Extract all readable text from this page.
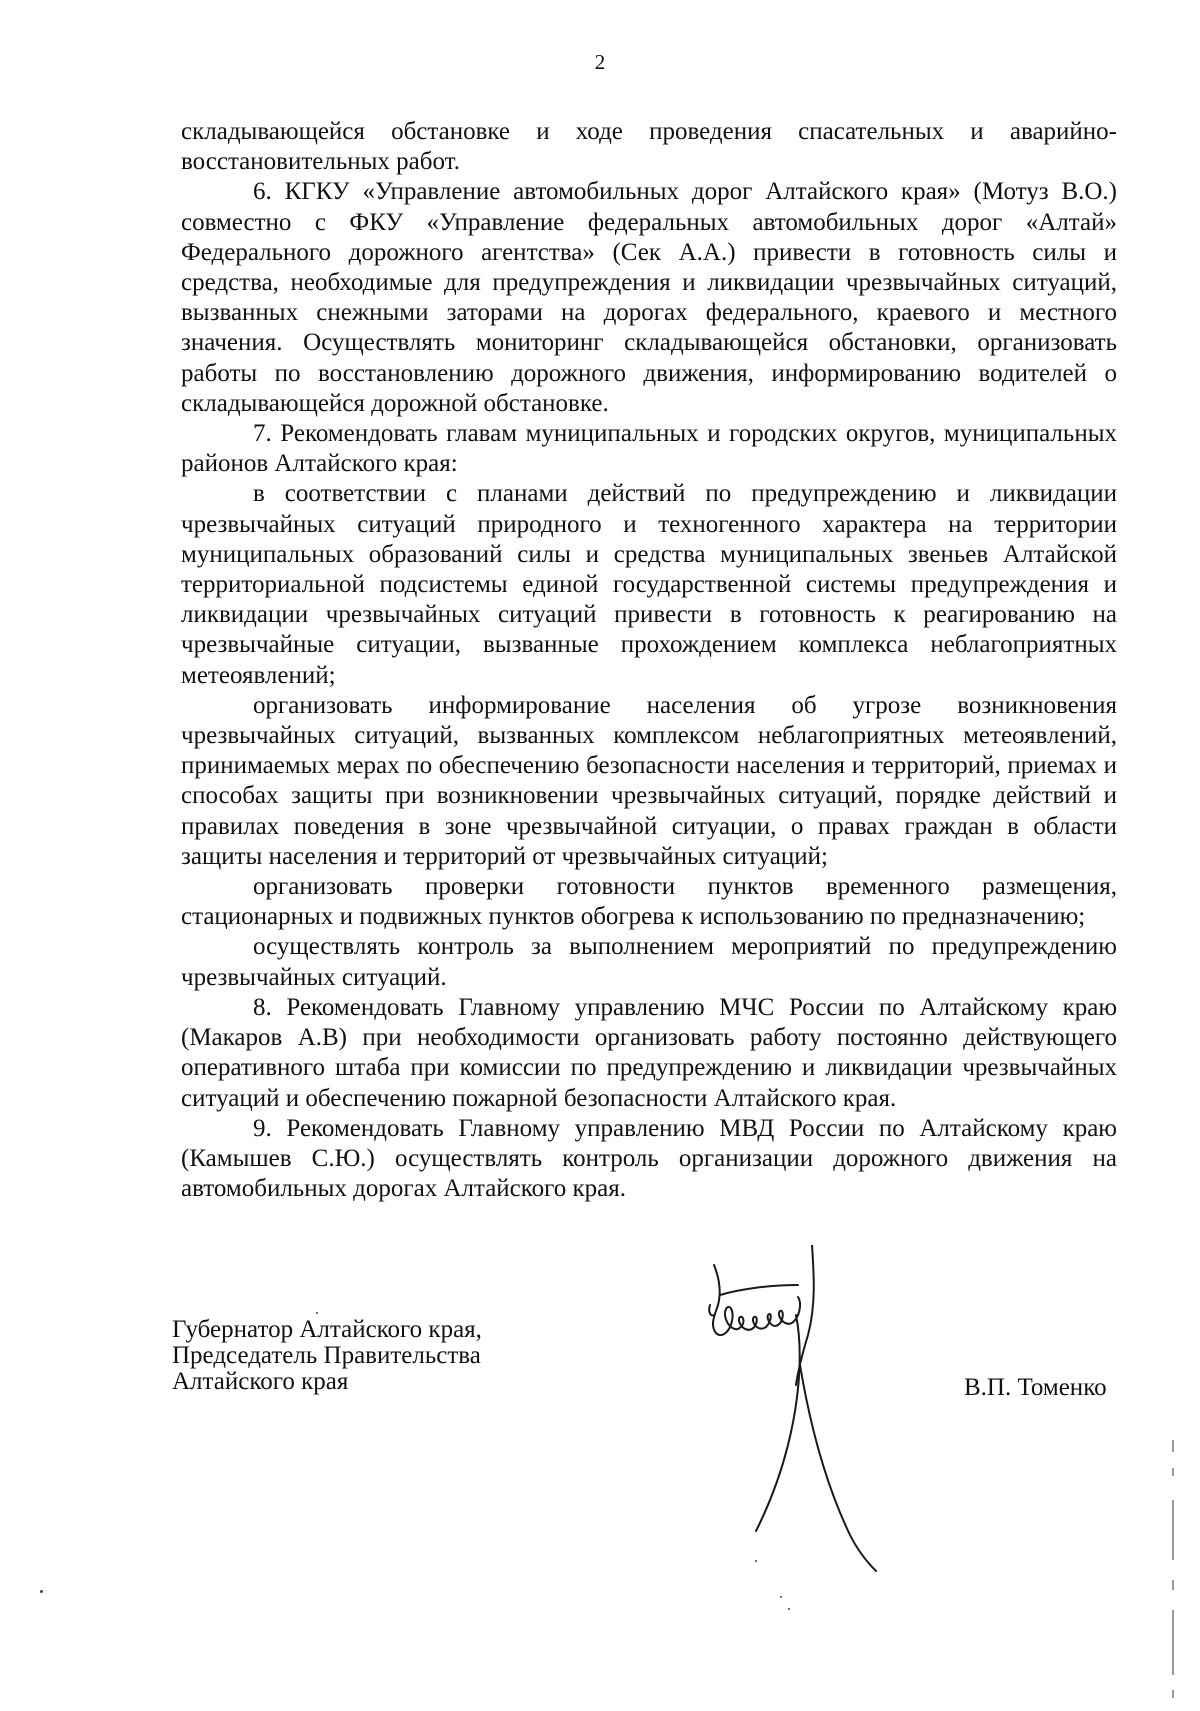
2

складывающейся обстановке и ходе проведения спасательных и аварийно-восстановительных работ.

6. КГКУ «Управление автомобильных дорог Алтайского края» (Мотуз В.О.) совместно с ФКУ «Управление федеральных автомобильных дорог «Алтай» Федерального дорожного агентства» (Сек А.А.) привести в готовность силы и средства, необходимые для предупреждения и ликвидации чрезвычайных ситуаций, вызванных снежными заторами на дорогах федерального, краевого и местного значения. Осуществлять мониторинг складывающейся обстановки, организовать работы по восстановлению дорожного движения, информированию водителей о складывающейся дорожной обстановке.

7. Рекомендовать главам муниципальных и городских округов, муниципальных районов Алтайского края:

в соответствии с планами действий по предупреждению и ликвидации чрезвычайных ситуаций природного и техногенного характера на территории муниципальных образований силы и средства муниципальных звеньев Алтайской территориальной подсистемы единой государственной системы предупреждения и ликвидации чрезвычайных ситуаций привести в готовность к реагированию на чрезвычайные ситуации, вызванные прохождением комплекса неблагоприятных метеоявлений;

организовать информирование населения об угрозе возникновения чрезвычайных ситуаций, вызванных комплексом неблагоприятных метеоявлений, принимаемых мерах по обеспечению безопасности населения и территорий, приемах и способах защиты при возникновении чрезвычайных ситуаций, порядке действий и правилах поведения в зоне чрезвычайной ситуации, о правах граждан в области защиты населения и территорий от чрезвычайных ситуаций;

организовать проверки готовности пунктов временного размещения, стационарных и подвижных пунктов обогрева к использованию по предназначению;

осуществлять контроль за выполнением мероприятий по предупреждению чрезвычайных ситуаций.

8. Рекомендовать Главному управлению МЧС России по Алтайскому краю (Макаров А.В) при необходимости организовать работу постоянно действующего оперативного штаба при комиссии по предупреждению и ликвидации чрезвычайных ситуаций и обеспечению пожарной безопасности Алтайского края.

9. Рекомендовать Главному управлению МВД России по Алтайскому краю (Камышев С.Ю.) осуществлять контроль организации дорожного движения на автомобильных дорогах Алтайского края.

Губернатор Алтайского края,
Председатель Правительства
Алтайского края	В.П. Томенко
